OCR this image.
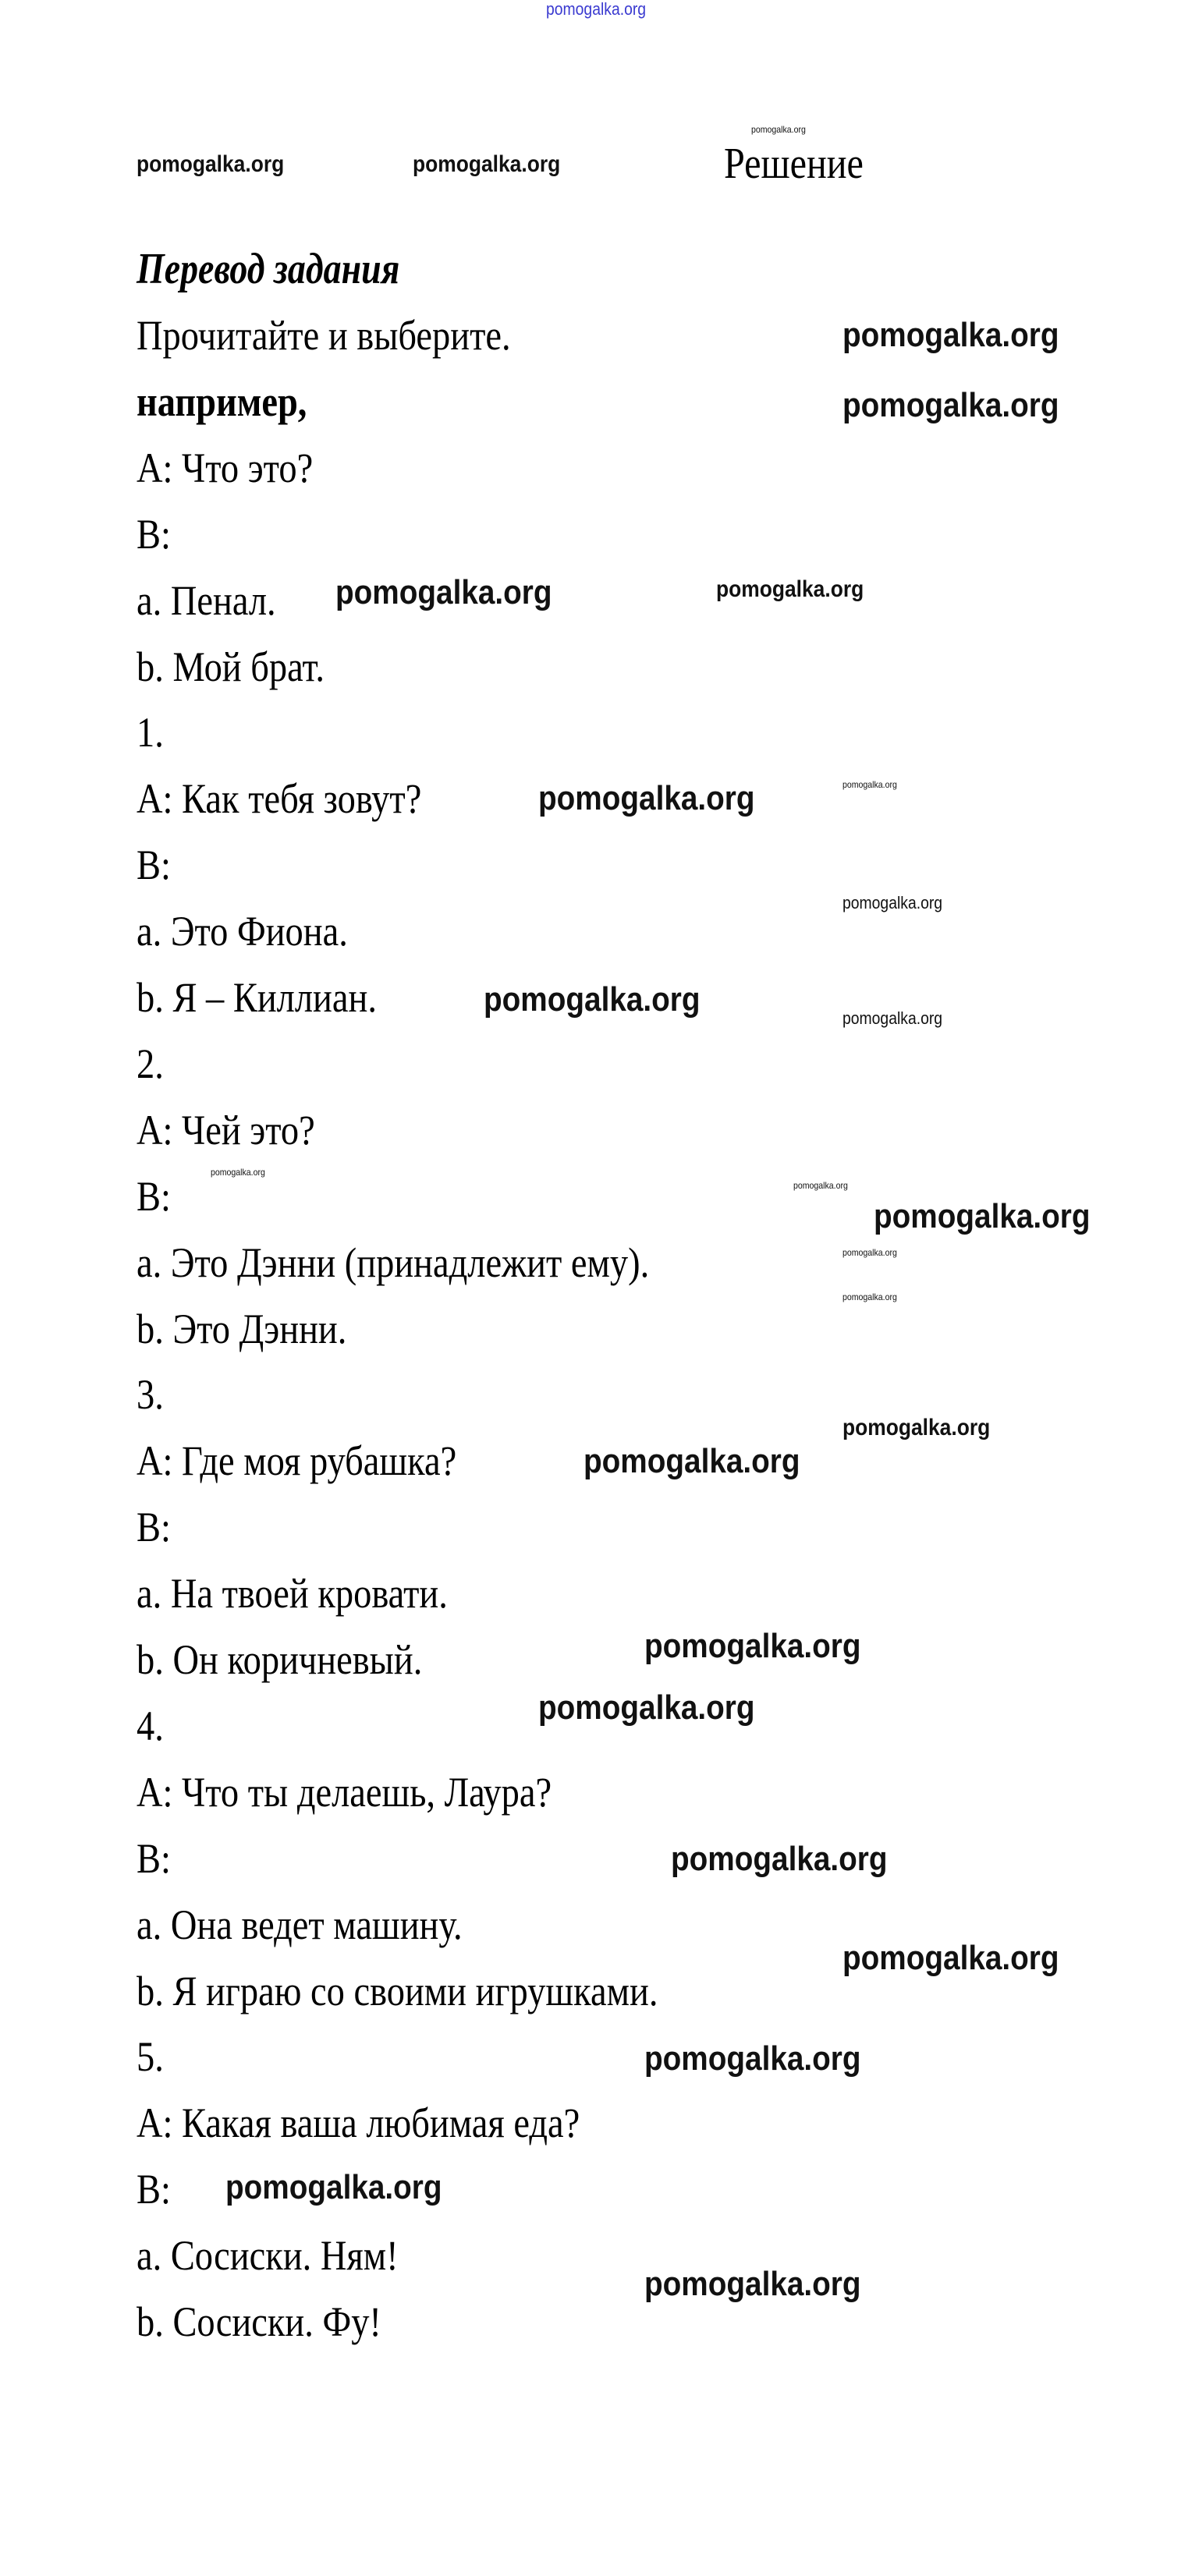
pomogalka.org
pomogalka.org	pomogalka.org	Решение
pomogalka.org
Перевод задания
Прочитайте и выберите.
например,
A: Что это?
B:
a. Пенал.
b. Мой брат.
1.
A: Как тебя зовут?
B:
a. Это Фиона.
b. Я – Киллиан.
2.
A: Чей это?
B:
a. Это Дэнни (принадлежит ему).
b. Это Дэнни.
3.
A: Где моя рубашка?
B:
a. На твоей кровати.
b. Он коричневый.
4.
A: Что ты делаешь, Лаура?
B:
a. Она ведет машину.
b. Я играю со своими игрушками.
5.
A: Какая ваша любимая еда?
B:
a. Сосиски. Ням!
b. Сосиски. Фу!
pomogalka.org
pomogalka.org
pomogalka.org	pomogalka.org
pomogalka.org
pomogalka.org
pomogalka.org
pomogalka.org	pomogalka.org
pomogalka.org
pomogalka.org
pomogalka.org
pomogalka.org
pomogalka.org
pomogalka.org
pomogalka.org
pomogalka.org
pomogalka.org
pomogalka.org
pomogalka.org
pomogalka.org
pomogalka.org
pomogalka.org
